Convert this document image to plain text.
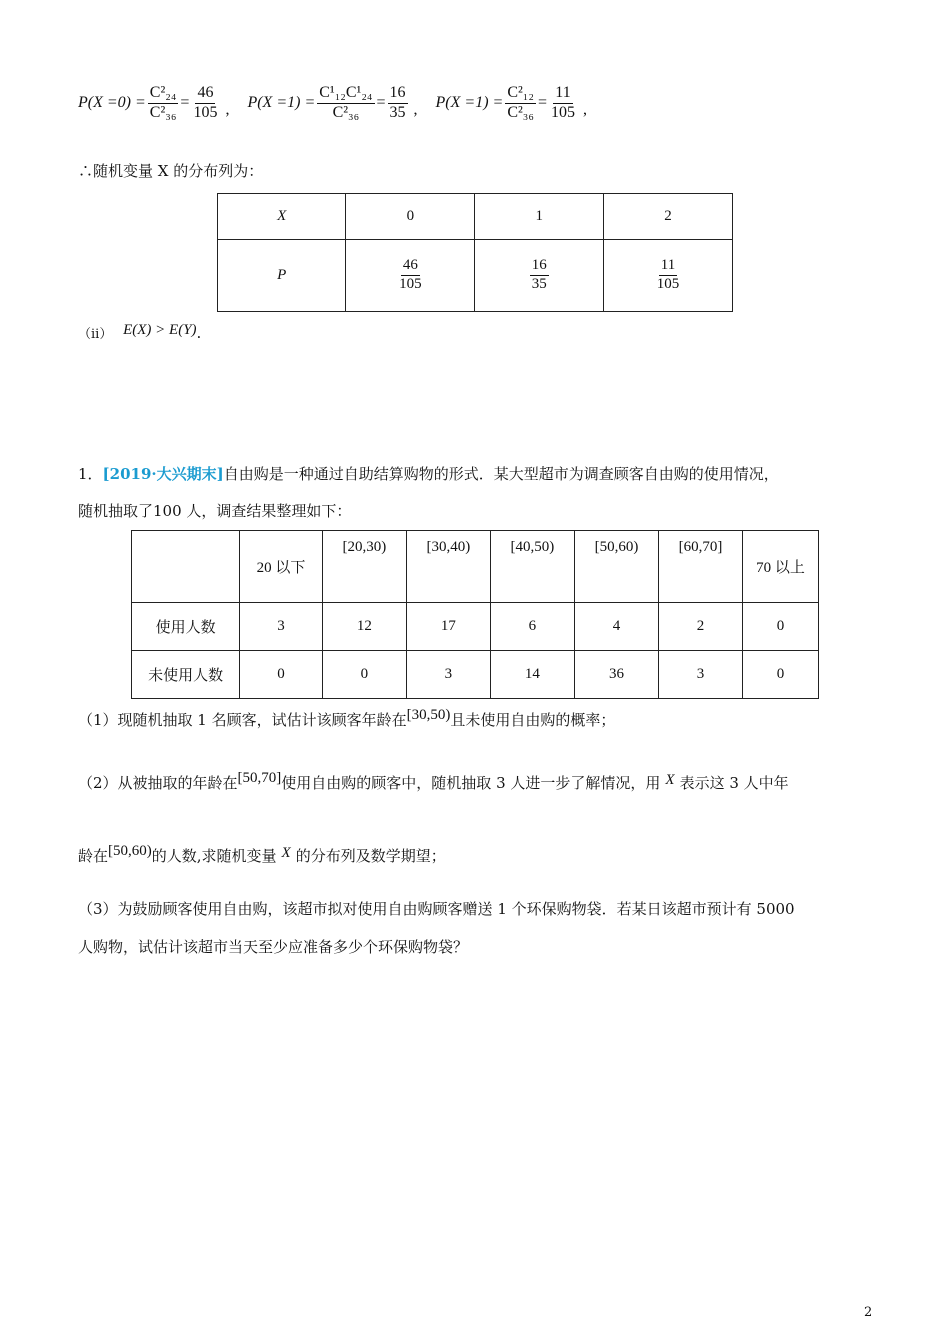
$P(X =0) = \frac{\text{C²₂₄}}{\text{C²₃₆}} = \frac{46}{105}$ , $P(X =1) = \frac{\text{C¹₁₂C¹₂₄}}{\text{C²₃₆}} = \frac{16}{35}$ , $P(X =1) = \frac{\text{C²₁₂}}{\text{C²₃₆}} = \frac{11}{105}$ ,
∴随机变量 X 的分布列为：
X	0	1	2
P	$\frac{46}{105}$	$\frac{16}{35}$	$\frac{11}{105}$
（ii） E(X) > E(Y).
1．[2019·大兴期末]自由购是一种通过自助结算购物的形式．某大型超市为调查顾客自由购的使用情况，
随机抽取了100 人，调查结果整理如下：
	20 以下	[20,30)	[30,40)	[40,50)	[50,60)	[60,70]	70 以上
使用人数	3	12	17	6	4	2	0
未使用人数	0	0	3	14	36	3	0
（1）现随机抽取 1 名顾客，试估计该顾客年龄在[30,50)且未使用自由购的概率；
（2）从被抽取的年龄在[50,70]使用自由购的顾客中，随机抽取 3 人进一步了解情况，用 X 表示这 3 人中年
龄在[50,60)的人数,求随机变量 X 的分布列及数学期望；
（3）为鼓励顾客使用自由购，该超市拟对使用自由购顾客赠送 1 个环保购物袋．若某日该超市预计有 5000
人购物，试估计该超市当天至少应准备多少个环保购物袋？
2
